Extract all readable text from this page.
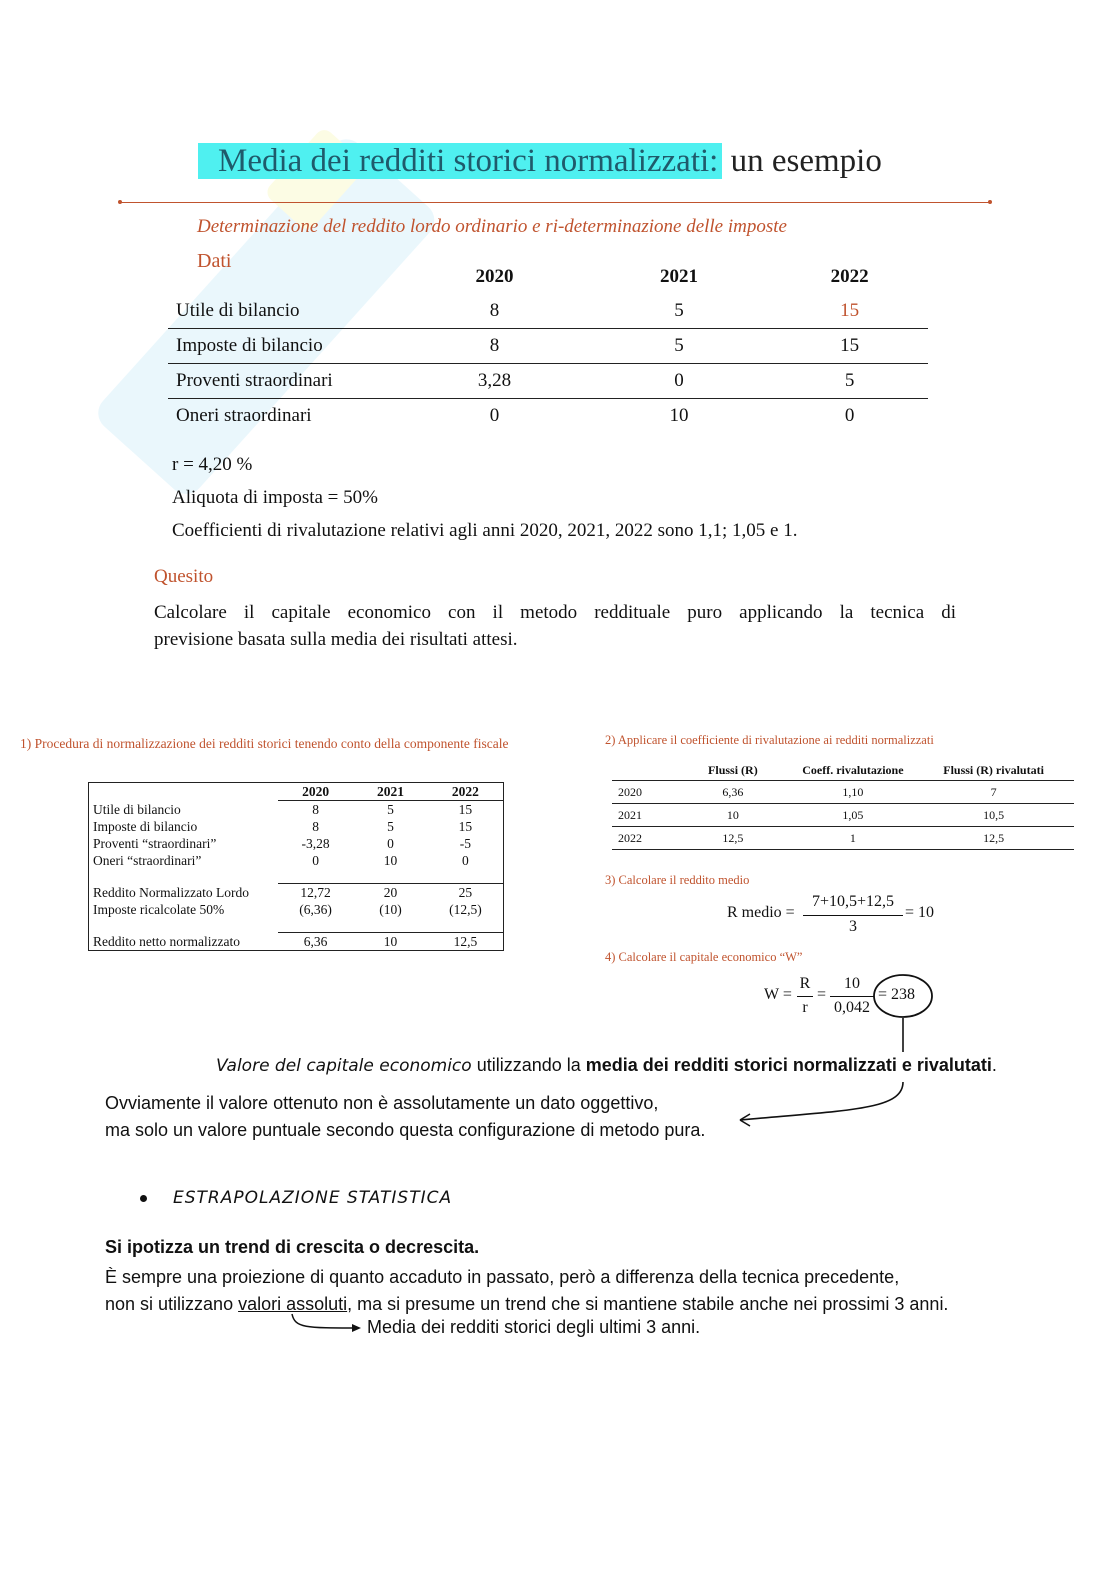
Media dei redditi storici normalizzati: un esempio
Determinazione del reddito lordo ordinario e ri-determinazione delle imposte
Dati
	2020	2021	2022
Utile di bilancio	8	5	15
Imposte di bilancio	8	5	15
Proventi straordinari	3,28	0	5
Oneri straordinari	0	10	0
r = 4,20 %
Aliquota di imposta = 50%
Coefficienti di rivalutazione relativi agli anni 2020, 2021, 2022 sono 1,1; 1,05 e 1.
Quesito
Calcolare il capitale economico con il metodo reddituale puro applicando la tecnica di
previsione basata sulla media dei risultati attesi.
1) Procedura di normalizzazione dei redditi storici tenendo conto della componente fiscale
	2020	2021	2022
Utile di bilancio	8	5	15
Imposte di bilancio	8	5	15
Proventi “straordinari”	-3,28	0	-5
Oneri “straordinari”	0	10	0

Reddito Normalizzato Lordo	12,72	20	25
Imposte ricalcolate 50%	(6,36)	(10)	(12,5)

Reddito netto normalizzato	6,36	10	12,5
2) Applicare il coefficiente di rivalutazione ai redditi normalizzati
	Flussi (R)	Coeff. rivalutazione	Flussi (R) rivalutati
2020	6,36	1,10	7
2021	10	1,05	10,5
2022	12,5	1	12,5
3) Calcolare il reddito medio
R medio =
7+10,5+12,5
3
= 10
4) Calcolare il capitale economico “W”
W =
R
r
=
10
0,042
= 238
Valore del capitale economico utilizzando la media dei redditi storici normalizzati e rivalutati.
Ovviamente il valore ottenuto non è assolutamente un dato oggettivo,
ma solo un valore puntuale secondo questa configurazione di metodo pura.
ESTRAPOLAZIONE STATISTICA
Si ipotizza un trend di crescita o decrescita.
È sempre una proiezione di quanto accaduto in passato, però a differenza della tecnica precedente,
non si utilizzano valori assoluti, ma si presume un trend che si mantiene stabile anche nei prossimi 3 anni.
Media dei redditi storici degli ultimi 3 anni.
